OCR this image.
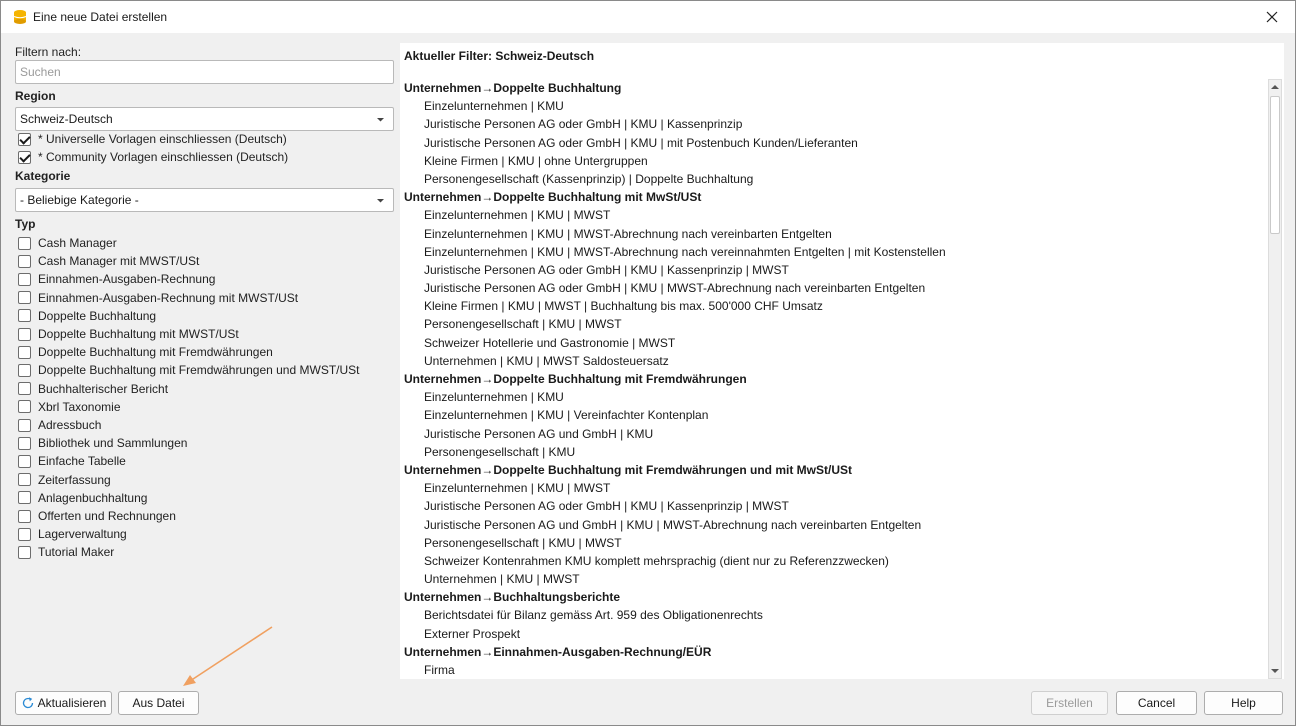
Eine neue Datei erstellen
Filtern nach:
Suchen
Region
Schweiz-Deutsch
* Universelle Vorlagen einschliessen (Deutsch)
* Community Vorlagen einschliessen (Deutsch)
Kategorie
- Beliebige Kategorie -
Typ
Cash Manager
Cash Manager mit MWST/USt
Einnahmen-Ausgaben-Rechnung
Einnahmen-Ausgaben-Rechnung mit MWST/USt
Doppelte Buchhaltung
Doppelte Buchhaltung mit MWST/USt
Doppelte Buchhaltung mit Fremdwährungen
Doppelte Buchhaltung mit Fremdwährungen und MWST/USt
Buchhalterischer Bericht
Xbrl Taxonomie
Adressbuch
Bibliothek und Sammlungen
Einfache Tabelle
Zeiterfassung
Anlagenbuchhaltung
Offerten und Rechnungen
Lagerverwaltung
Tutorial Maker
Aktueller Filter: Schweiz-Deutsch
Unternehmen→Doppelte Buchhaltung
Einzelunternehmen | KMU
Juristische Personen AG oder GmbH | KMU | Kassenprinzip
Juristische Personen AG oder GmbH | KMU | mit Postenbuch Kunden/Lieferanten
Kleine Firmen | KMU | ohne Untergruppen
Personengesellschaft (Kassenprinzip) | Doppelte Buchhaltung
Unternehmen→Doppelte Buchhaltung mit MwSt/USt
Einzelunternehmen | KMU | MWST
Einzelunternehmen | KMU | MWST-Abrechnung nach vereinbarten Entgelten
Einzelunternehmen | KMU | MWST-Abrechnung nach vereinnahmten Entgelten | mit Kostenstellen
Juristische Personen AG oder GmbH | KMU | Kassenprinzip | MWST
Juristische Personen AG oder GmbH | KMU | MWST-Abrechnung nach vereinbarten Entgelten
Kleine Firmen | KMU | MWST | Buchhaltung bis max. 500'000 CHF Umsatz
Personengesellschaft | KMU | MWST
Schweizer Hotellerie und Gastronomie | MWST
Unternehmen | KMU | MWST Saldosteuersatz
Unternehmen→Doppelte Buchhaltung mit Fremdwährungen
Einzelunternehmen | KMU
Einzelunternehmen | KMU | Vereinfachter Kontenplan
Juristische Personen AG und GmbH | KMU
Personengesellschaft | KMU
Unternehmen→Doppelte Buchhaltung mit Fremdwährungen und mit MwSt/USt
Einzelunternehmen | KMU | MWST
Juristische Personen AG oder GmbH | KMU | Kassenprinzip | MWST
Juristische Personen AG und GmbH | KMU | MWST-Abrechnung nach vereinbarten Entgelten
Personengesellschaft | KMU | MWST
Schweizer Kontenrahmen KMU komplett mehrsprachig (dient nur zu Referenzzwecken)
Unternehmen | KMU | MWST
Unternehmen→Buchhaltungsberichte
Berichtsdatei für Bilanz gemäss Art. 959 des Obligationenrechts
Externer Prospekt
Unternehmen→Einnahmen-Ausgaben-Rechnung/EÜR
Firma
Aktualisieren Aus Datei	Erstellen	Cancel	Help
